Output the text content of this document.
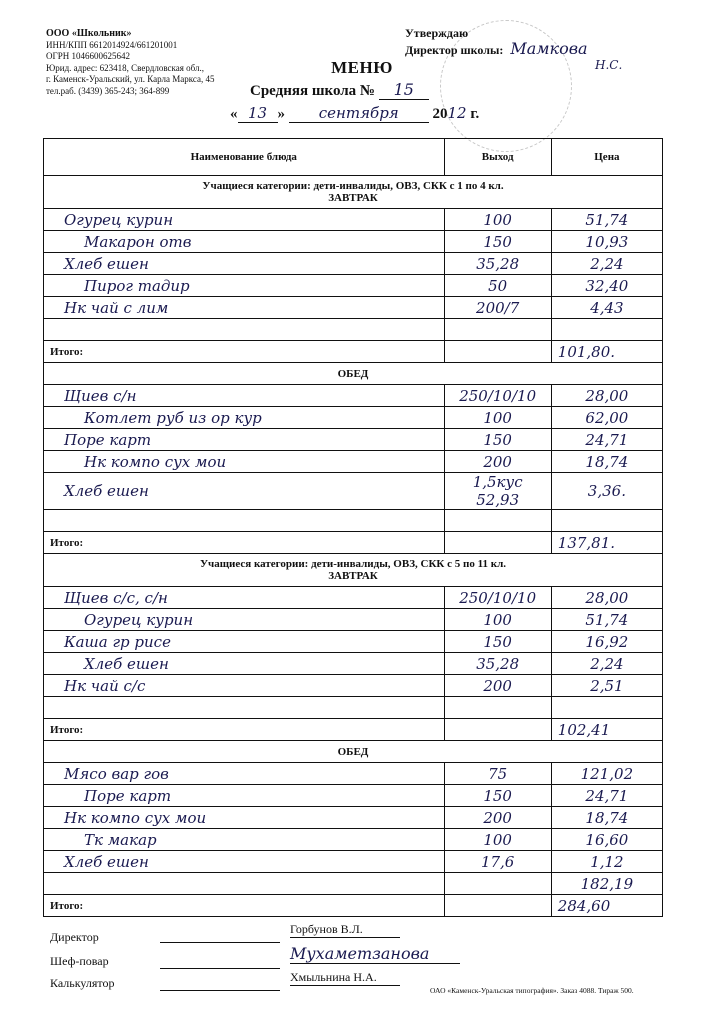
ООО «Школьник»
ИНН/КПП 6612014924/661201001
ОГРН 1046600625642
Юрид. адрес: 623418, Свердловская обл.,
г. Каменск-Уральский, ул. Карла Маркса, 45
тел.раб. (3439) 365-243; 364-899
Утверждаю
Директор школы: Мамкова
Н.С.
МЕНЮ
Средняя школа № 15
« 13 » сентября 2012 г.
Наименование блюда	Выход	Цена

Учащиеся категории: дети-инвалиды, ОВЗ, СКК с 1 по 4 кл.
ЗАВТРАК		

Огурец курин	100	51,74
Макарон отв	150	10,93
Хлеб ешен	35,28	2,24
Пирог тадир	50	32,40
Нк чай с лим	200/7	4,43

Итого:		101,80.
ОБЕД		
Щиев с/н	250/10/10	28,00
Котлет руб из ор кур	100	62,00
Поре карт	150	24,71
Нк компо сух мои	200	18,74
Хлеб ешен	1,5кус 52,93	3,36.

Итого:		137,81.

Учащиеся категории: дети-инвалиды, ОВЗ, СКК с 5 по 11 кл.
ЗАВТРАК		

Щиев с/с, с/н	250/10/10	28,00
Огурец курин	100	51,74
Каша гр рисе	150	16,92
Хлеб ешен	35,28	2,24
Нк чай с/с	200	2,51

Итого:		102,41
ОБЕД		
Мясо вар гов	75	121,02
Поре карт	150	24,71
Нк компо сух мои	200	18,74
Тк макар	100	16,60
Хлеб ешен	17,6	1,12
		182,19
Итого:		284,60
Директор
Горбунов В.Л.
Шеф-повар	Мухаметзанова
Калькулятор	Хмыльнина Н.А.
ОАО «Каменск-Уральская типография». Заказ 4088. Тираж 500.
